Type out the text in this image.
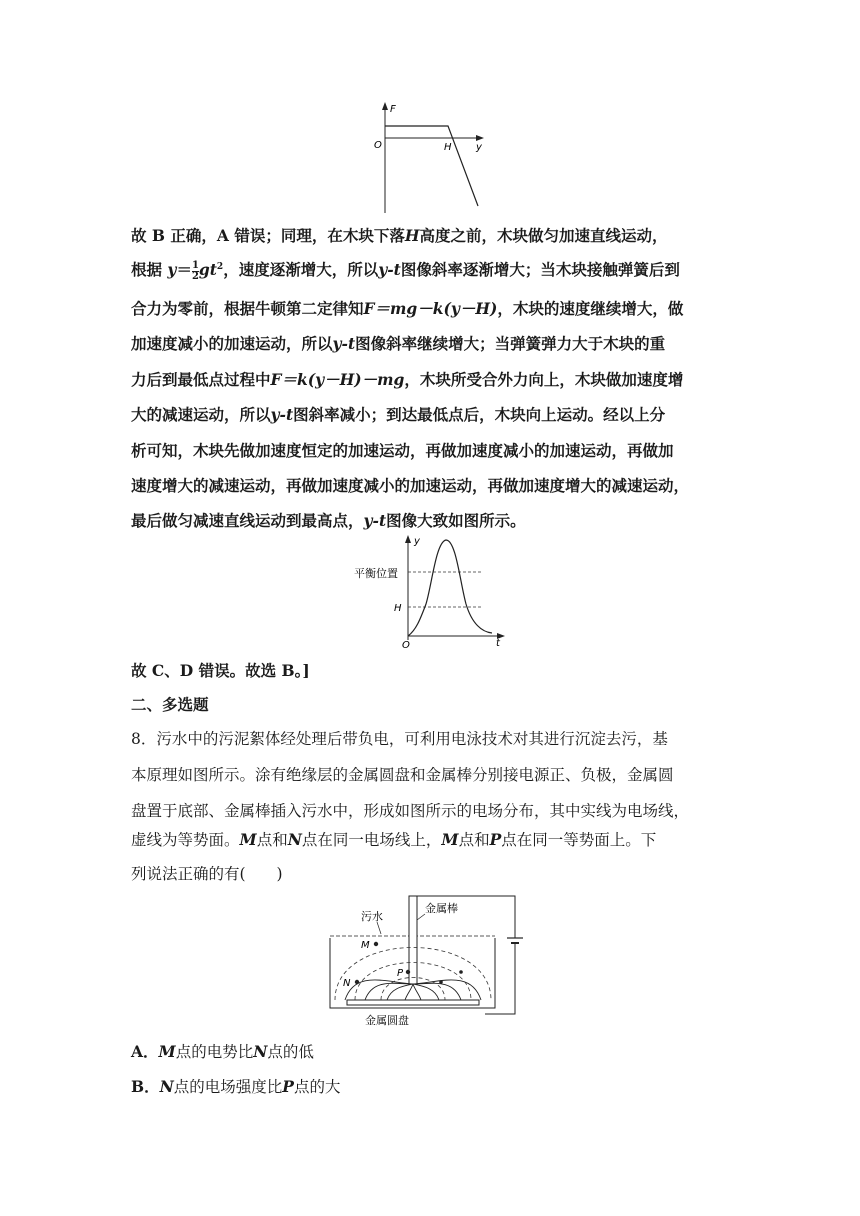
F
O	H y
故 B 正确，A 错误；同理，在木块下落H高度之前，木块做匀加速直线运动，
根据 $y= \frac{1}{2} gt^2$，速度逐渐增大，所以y-t图像斜率逐渐增大；当木块接触弹簧后到
合力为零前，根据牛顿第二定律知F＝mg－k(y－H)，木块的速度继续增大，做
加速度减小的加速运动，所以y-t图像斜率继续增大；当弹簧弹力大于木块的重
力后到最低点过程中F＝k(y－H)－mg，木块所受合外力向上，木块做加速度增
大的减速运动，所以y-t图斜率减小；到达最低点后，木块向上运动。经以上分
析可知，木块先做加速度恒定的加速运动，再做加速度减小的加速运动，再做加
速度增大的减速运动，再做加速度减小的加速运动，再做加速度增大的减速运动，
最后做匀减速直线运动到最高点，y-t图像大致如图所示。
y
平衡位置
H
O	t
故 C、D 错误。故选 B。]
二、多选题
8．污水中的污泥絮体经处理后带负电，可利用电泳技术对其进行沉淀去污，基
本原理如图所示。涂有绝缘层的金属圆盘和金属棒分别接电源正、负极，金属圆
盘置于底部、金属棒插入污水中，形成如图所示的电场分布，其中实线为电场线，
虚线为等势面。M点和N点在同一电场线上，M点和P点在同一等势面上。下
列说法正确的有(　　)
污水
金属棒
金属圆盘
M
N
P
A．M点的电势比N点的低
B．N点的电场强度比P点的大
